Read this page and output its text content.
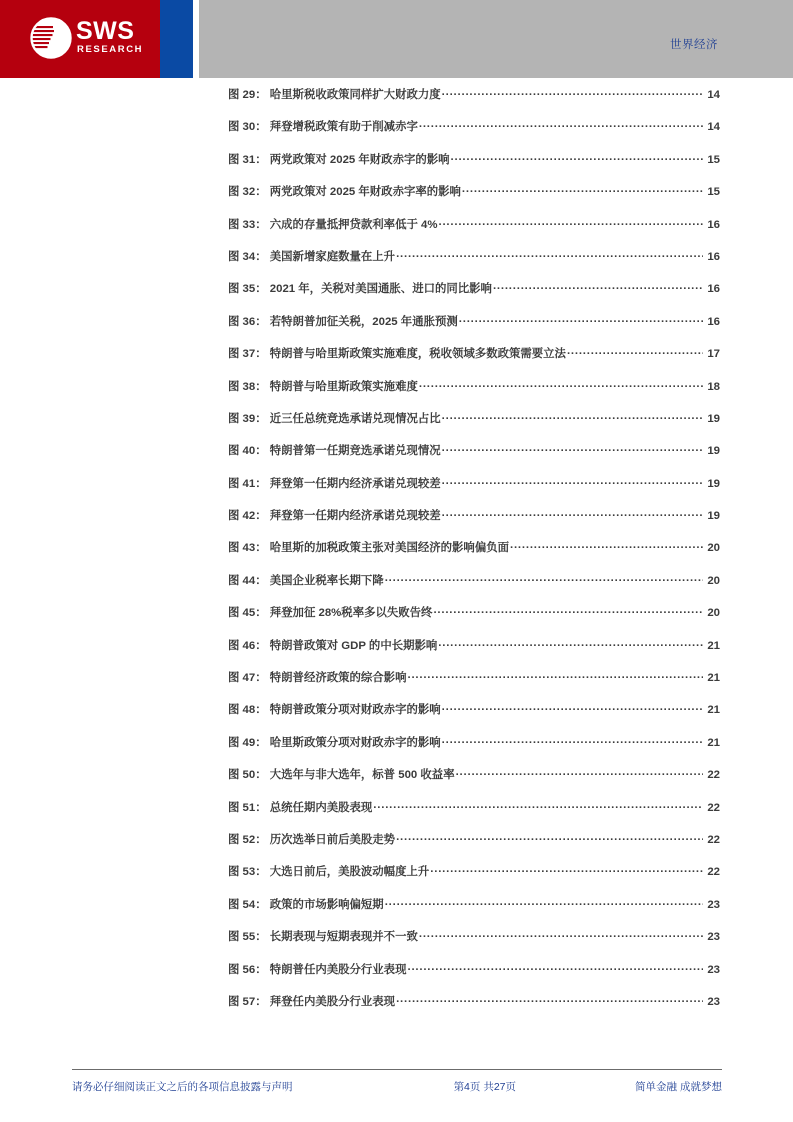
SWS
RESEARCH	世界经济
图 29： 哈里斯税收政策同样扩大财政力度 .....	14
图 30： 拜登增税政策有助于削减赤字 .....	14
图 31： 两党政策对 2025 年财政赤字的影响 .....	15
图 32： 两党政策对 2025 年财政赤字率的影响 .....	15
图 33： 六成的存量抵押贷款利率低于 4% .....	16
图 34： 美国新增家庭数量在上升 .....	16
图 35： 2021 年，关税对美国通胀、进口的同比影响 .....	16
图 36： 若特朗普加征关税，2025 年通胀预测 .....	16
图 37： 特朗普与哈里斯政策实施难度，税收领域多数政策需要立法 .....	17
图 38： 特朗普与哈里斯政策实施难度 .....	18
图 39： 近三任总统竞选承诺兑现情况占比 .....	19
图 40： 特朗普第一任期竞选承诺兑现情况 .....	19
图 41： 拜登第一任期内经济承诺兑现较差 .....	19
图 42： 拜登第一任期内经济承诺兑现较差 .....	19
图 43： 哈里斯的加税政策主张对美国经济的影响偏负面 .....	20
图 44： 美国企业税率长期下降 .....	20
图 45： 拜登加征 28%税率多以失败告终 .....	20
图 46： 特朗普政策对 GDP 的中长期影响 .....	21
图 47： 特朗普经济政策的综合影响 .....	21
图 48： 特朗普政策分项对财政赤字的影响 .....	21
图 49： 哈里斯政策分项对财政赤字的影响 .....	21
图 50： 大选年与非大选年，标普 500 收益率 .....	22
图 51： 总统任期内美股表现 .....	22
图 52： 历次选举日前后美股走势 .....	22
图 53： 大选日前后，美股波动幅度上升 .....	22
图 54： 政策的市场影响偏短期 .....	23
图 55： 长期表现与短期表现并不一致 .....	23
图 56： 特朗普任内美股分行业表现 .....	23
图 57： 拜登任内美股分行业表现 .....	23
请务必仔细阅读正文之后的各项信息披露与声明	第4页 共27页	简单金融 成就梦想
